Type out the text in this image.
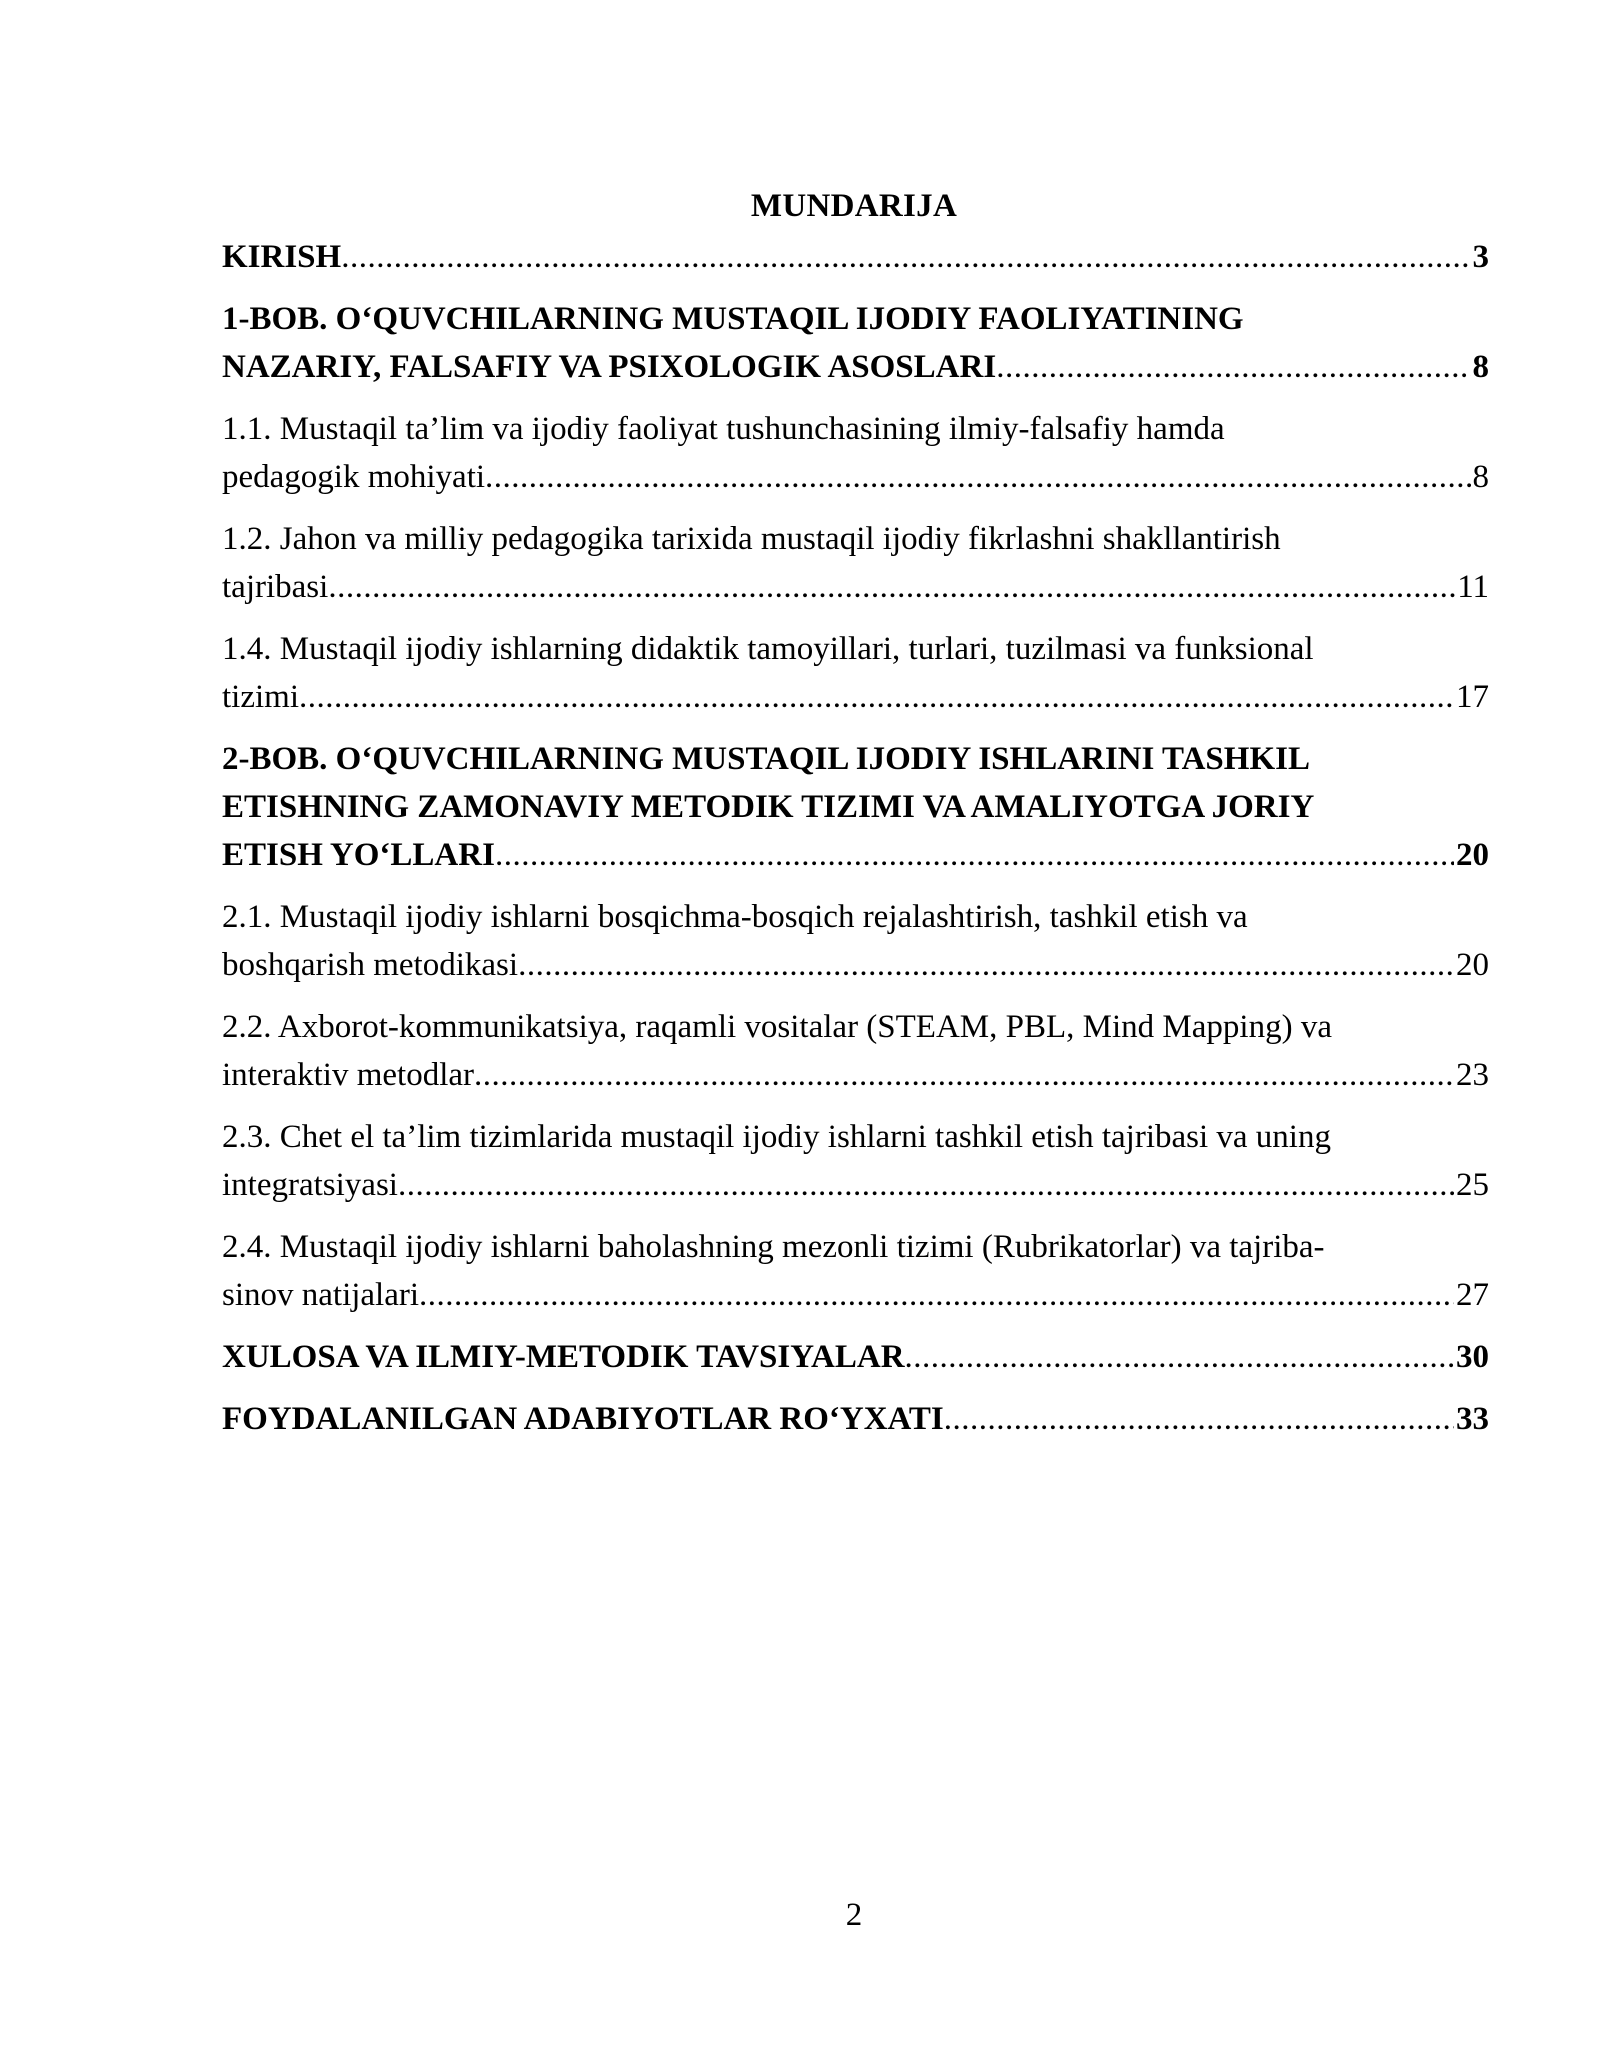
MUNDARIJA
KIRISH .....	3
1-BOB. O‘QUVCHILARNING MUSTAQIL IJODIY FAOLIYATINING
NAZARIY, FALSAFIY VA PSIXOLOGIK ASOSLARI .....	8
1.1. Mustaqil ta’lim va ijodiy faoliyat tushunchasining ilmiy-falsafiy hamda
pedagogik mohiyati .....	8
1.2. Jahon va milliy pedagogika tarixida mustaqil ijodiy fikrlashni shakllantirish
tajribasi .....	11
1.4. Mustaqil ijodiy ishlarning didaktik tamoyillari, turlari, tuzilmasi va funksional
tizimi .....	17
2-BOB. O‘QUVCHILARNING MUSTAQIL IJODIY ISHLARINI TASHKIL
ETISHNING ZAMONAVIY METODIK TIZIMI VA AMALIYOTGA JORIY
ETISH YO‘LLARI .....	20
2.1. Mustaqil ijodiy ishlarni bosqichma-bosqich rejalashtirish, tashkil etish va
boshqarish metodikasi .....	20
2.2. Axborot-kommunikatsiya, raqamli vositalar (STEAM, PBL, Mind Mapping) va
interaktiv metodlar .....	23
2.3. Chet el ta’lim tizimlarida mustaqil ijodiy ishlarni tashkil etish tajribasi va uning
integratsiyasi .....	25
2.4. Mustaqil ijodiy ishlarni baholashning mezonli tizimi (Rubrikatorlar) va tajriba-
sinov natijalari .....	27
XULOSA VA ILMIY-METODIK TAVSIYALAR .....	30
FOYDALANILGAN ADABIYOTLAR RO‘YXATI .....	33
2
